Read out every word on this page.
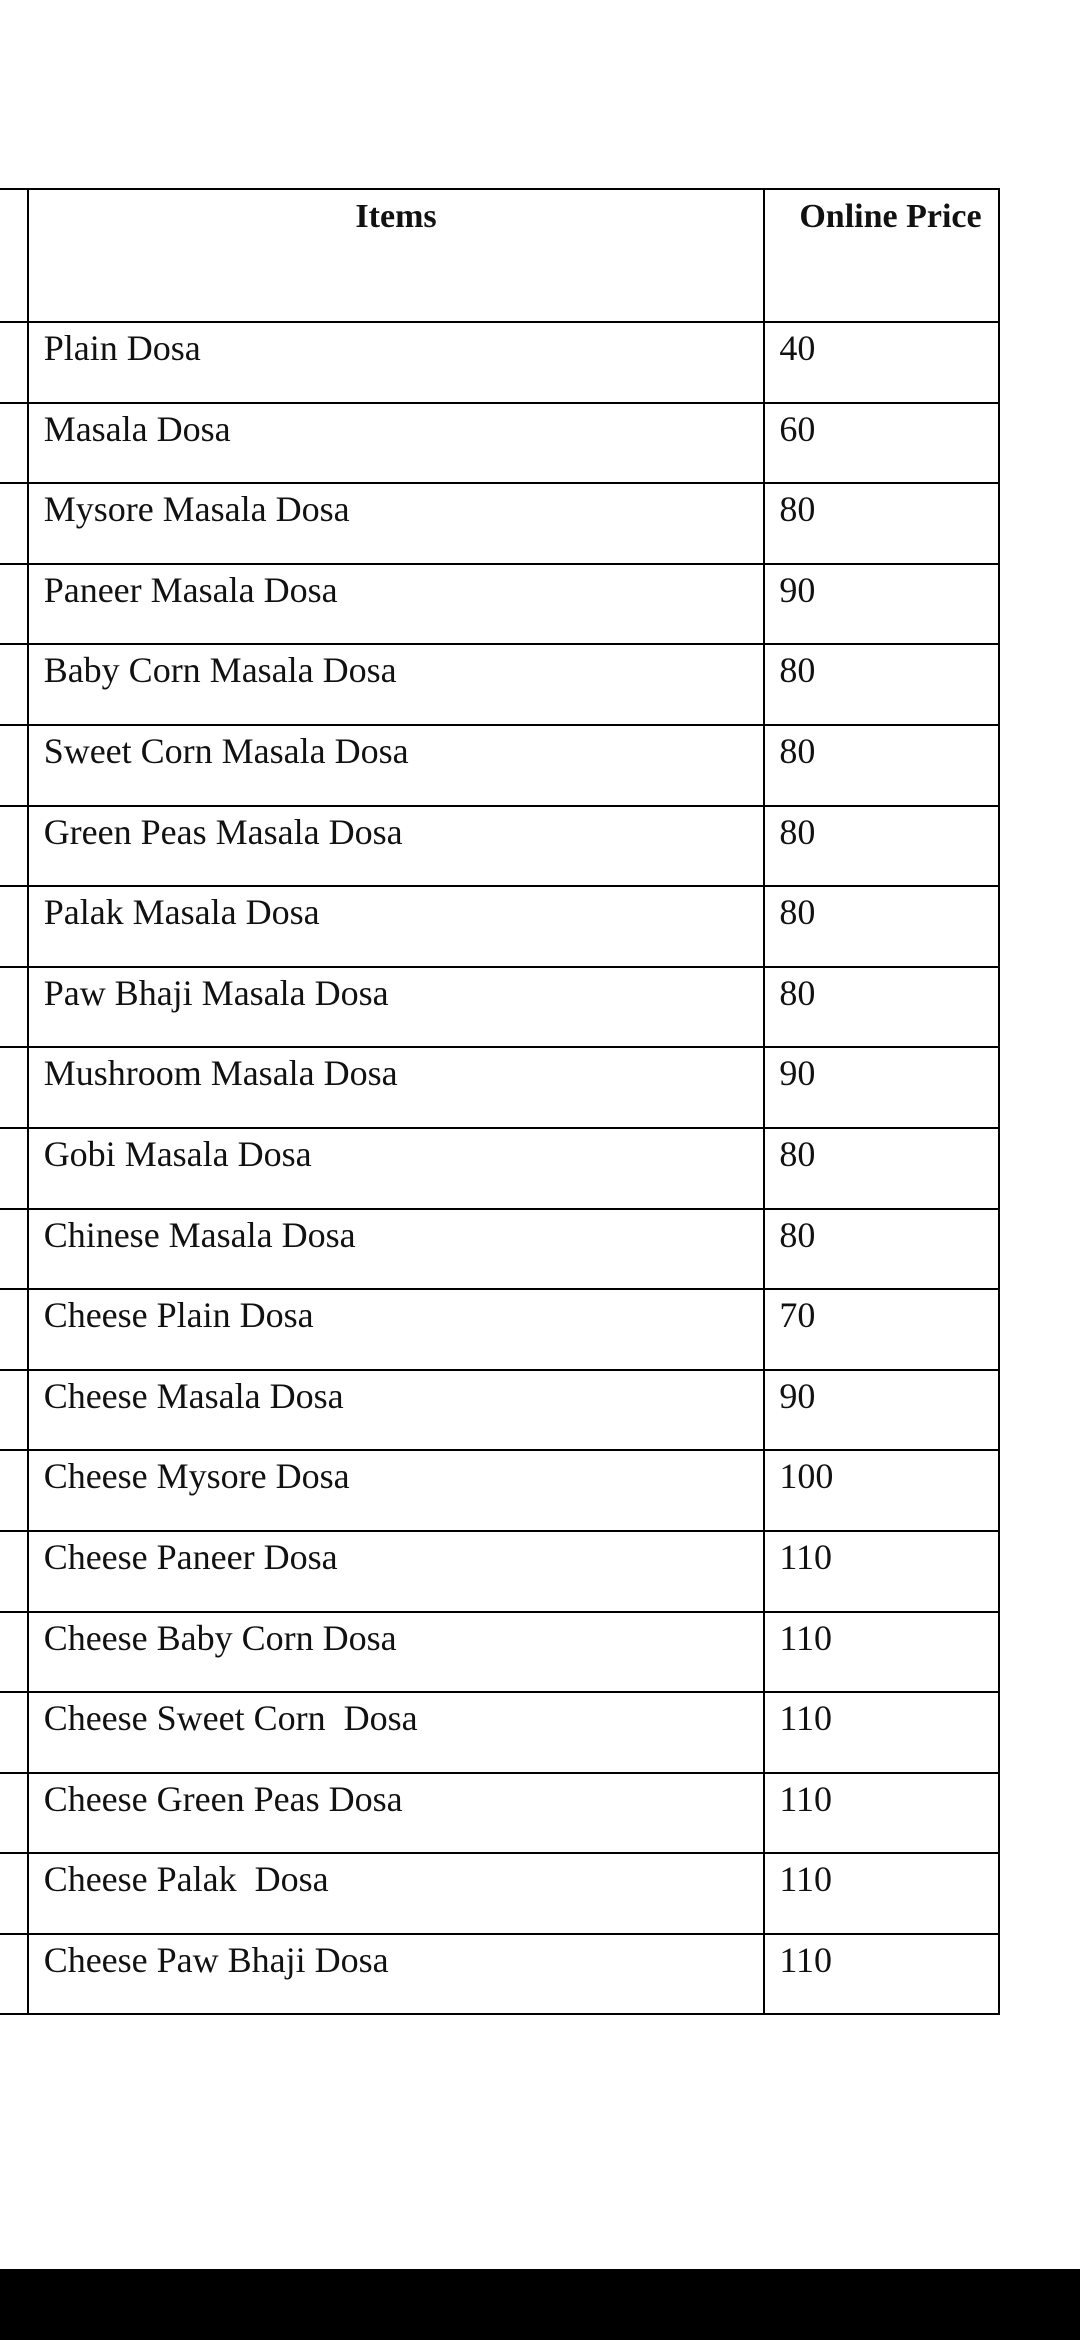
Items	Online Price

Plain Dosa	40

Masala Dosa	60

Mysore Masala Dosa	80

Paneer Masala Dosa	90

Baby Corn Masala Dosa	80

Sweet Corn Masala Dosa	80

Green Peas Masala Dosa	80

Palak Masala Dosa	80

Paw Bhaji Masala Dosa	80

Mushroom Masala Dosa	90

Gobi Masala Dosa	80

Chinese Masala Dosa	80

Cheese Plain Dosa	70

Cheese Masala Dosa	90

Cheese Mysore Dosa	100

Cheese Paneer Dosa	110

Cheese Baby Corn Dosa	110

Cheese Sweet Corn  Dosa	110

Cheese Green Peas Dosa	110

Cheese Palak  Dosa	110

Cheese Paw Bhaji Dosa	110
